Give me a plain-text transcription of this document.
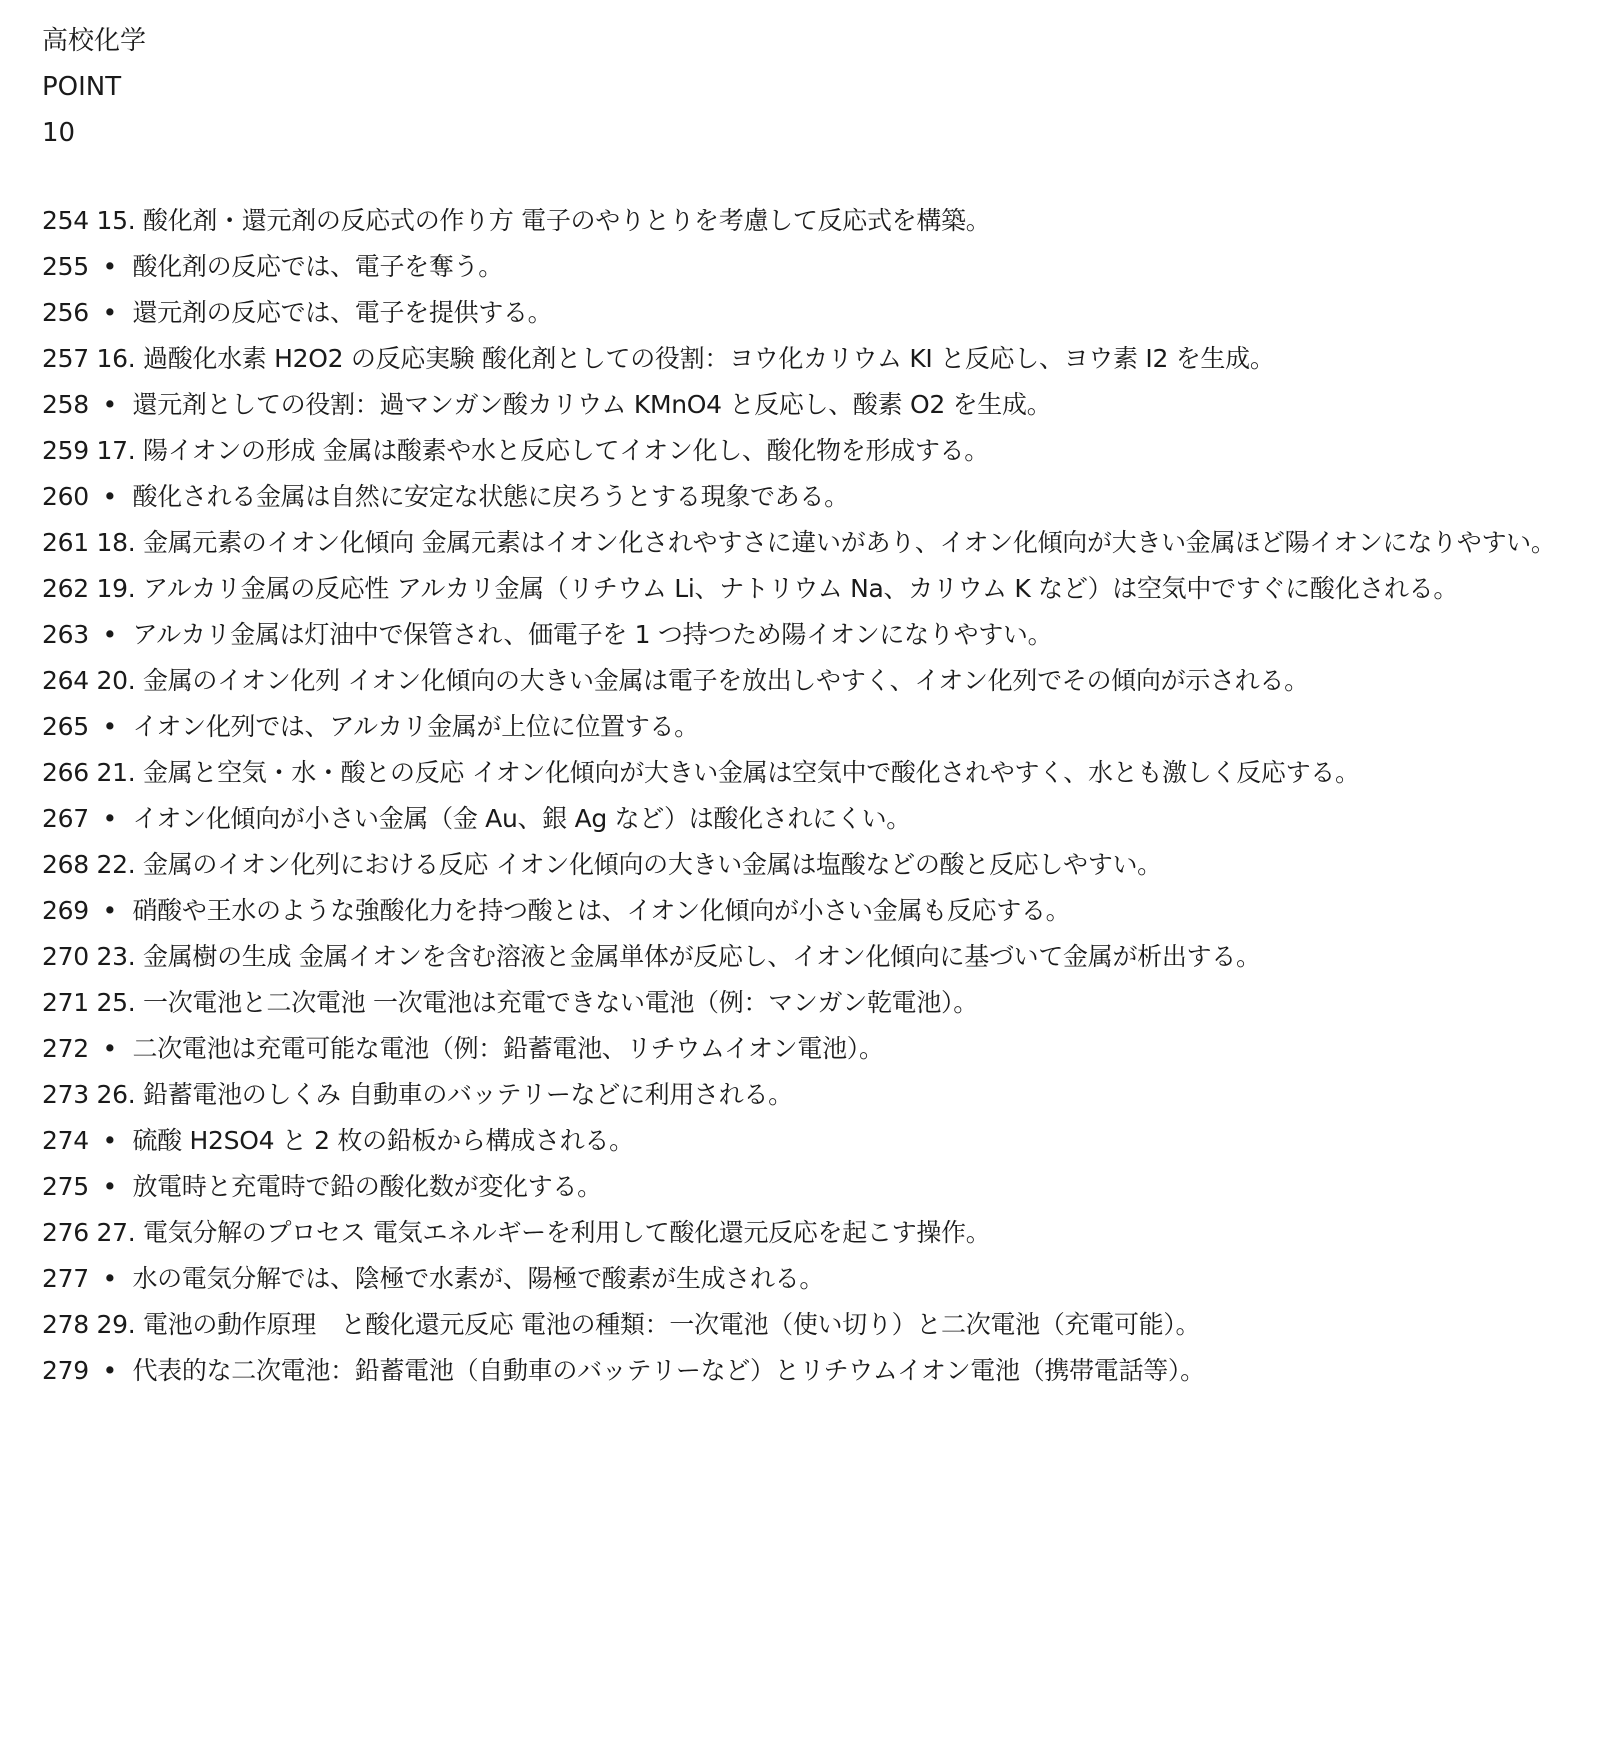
高校化学
POINT
10
254 15. 酸化剤・還元剤の反応式の作り方 電子のやりとりを考慮して反応式を構築。
255 • 酸化剤の反応では、電子を奪う。
256 • 還元剤の反応では、電子を提供する。
257 16. 過酸化水素 H2O2 の反応実験 酸化剤としての役割：ヨウ化カリウム KI と反応し、ヨウ素 I2 を生成。
258 • 還元剤としての役割：過マンガン酸カリウム KMnO4 と反応し、酸素 O2 を生成。
259 17. 陽イオンの形成 金属は酸素や水と反応してイオン化し、酸化物を形成する。
260 • 酸化される金属は自然に安定な状態に戻ろうとする現象である。
261 18. 金属元素のイオン化傾向 金属元素はイオン化されやすさに違いがあり、イオン化傾向が大きい金属ほど陽イオンになりやすい。
262 19. アルカリ金属の反応性 アルカリ金属（リチウム Li、ナトリウム Na、カリウム K など）は空気中ですぐに酸化される。
263 • アルカリ金属は灯油中で保管され、価電子を 1 つ持つため陽イオンになりやすい。
264 20. 金属のイオン化列 イオン化傾向の大きい金属は電子を放出しやすく、イオン化列でその傾向が示される。
265 • イオン化列では、アルカリ金属が上位に位置する。
266 21. 金属と空気・水・酸との反応 イオン化傾向が大きい金属は空気中で酸化されやすく、水とも激しく反応する。
267 • イオン化傾向が小さい金属（金 Au、銀 Ag など）は酸化されにくい。
268 22. 金属のイオン化列における反応 イオン化傾向の大きい金属は塩酸などの酸と反応しやすい。
269 • 硝酸や王水のような強酸化力を持つ酸とは、イオン化傾向が小さい金属も反応する。
270 23. 金属樹の生成 金属イオンを含む溶液と金属単体が反応し、イオン化傾向に基づいて金属が析出する。
271 25. 一次電池と二次電池 一次電池は充電できない電池（例：マンガン乾電池）。
272 • 二次電池は充電可能な電池（例：鉛蓄電池、リチウムイオン電池）。
273 26. 鉛蓄電池のしくみ 自動車のバッテリーなどに利用される。
274 • 硫酸 H2SO4 と 2 枚の鉛板から構成される。
275 • 放電時と充電時で鉛の酸化数が変化する。
276 27. 電気分解のプロセス 電気エネルギーを利用して酸化還元反応を起こす操作。
277 • 水の電気分解では、陰極で水素が、陽極で酸素が生成される。
278 29. 電池の動作原理　と酸化還元反応 電池の種類：一次電池（使い切り）と二次電池（充電可能）。
279 • 代表的な二次電池：鉛蓄電池（自動車のバッテリーなど）とリチウムイオン電池（携帯電話等）。
